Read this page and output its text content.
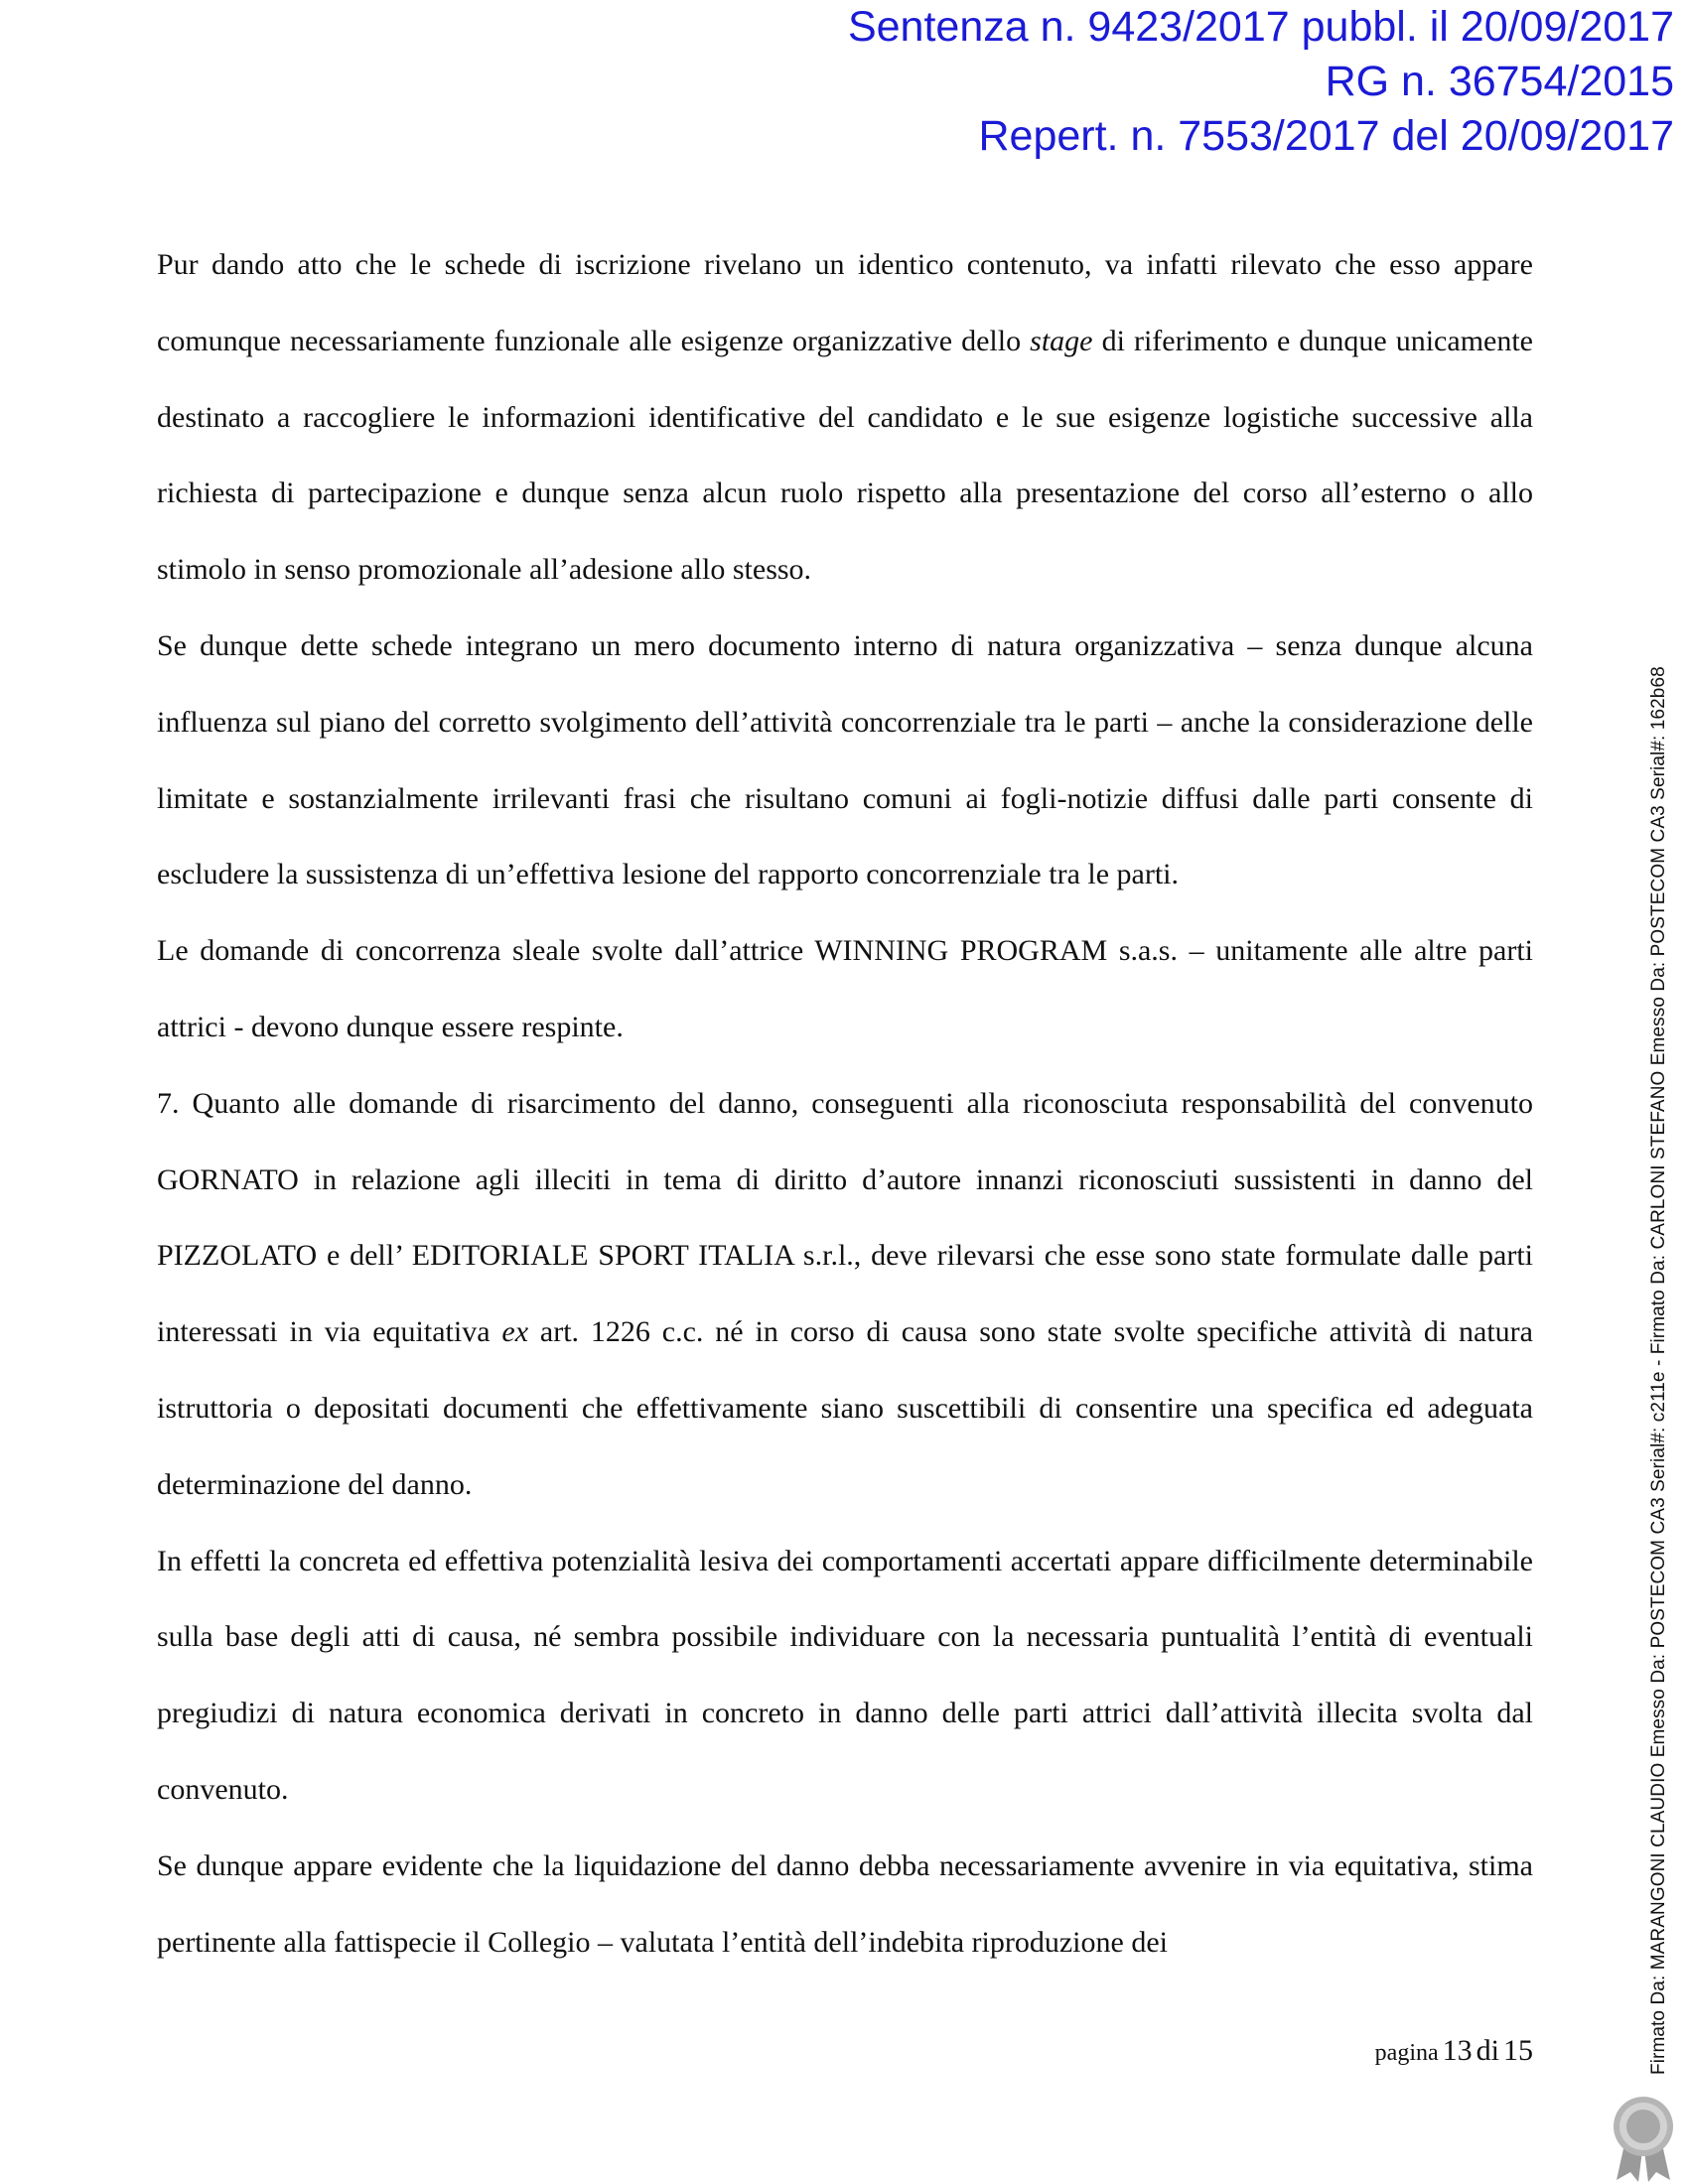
Sentenza n. 9423/2017 pubbl. il 20/09/2017
RG n. 36754/2015
Repert. n. 7553/2017 del 20/09/2017

Pur dando atto che le schede di iscrizione rivelano un identico contenuto, va infatti rilevato che esso appare comunque necessariamente funzionale alle esigenze organizzative dello stage di riferimento e dunque unicamente destinato a raccogliere le informazioni identificative del candidato e le sue esigenze logistiche successive alla richiesta di partecipazione e dunque senza alcun ruolo rispetto alla presentazione del corso all’esterno o allo stimolo in senso promozionale all’adesione allo stesso.

Se dunque dette schede integrano un mero documento interno di natura organizzativa – senza dunque alcuna influenza sul piano del corretto svolgimento dell’attività concorrenziale tra le parti – anche la considerazione delle limitate e sostanzialmente irrilevanti frasi che risultano comuni ai fogli-notizie diffusi dalle parti consente di escludere la sussistenza di un’effettiva lesione del rapporto concorrenziale tra le parti.

Le domande di concorrenza sleale svolte dall’attrice WINNING PROGRAM s.a.s. – unitamente alle altre parti attrici - devono dunque essere respinte.

7. Quanto alle domande di risarcimento del danno, conseguenti alla riconosciuta responsabilità del convenuto GORNATO in relazione agli illeciti in tema di diritto d’autore innanzi riconosciuti sussistenti in danno del PIZZOLATO e dell’ EDITORIALE SPORT ITALIA s.r.l., deve rilevarsi che esse sono state formulate dalle parti interessati in via equitativa ex art. 1226 c.c. né in corso di causa sono state svolte specifiche attività di natura istruttoria o depositati documenti che effettivamente siano suscettibili di consentire una specifica ed adeguata determinazione del danno.

In effetti la concreta ed effettiva potenzialità lesiva dei comportamenti accertati appare difficilmente determinabile sulla base degli atti di causa, né sembra possibile individuare con la necessaria puntualità l’entità di eventuali pregiudizi di natura economica derivati in concreto in danno delle parti attrici dall’attività illecita svolta dal convenuto.

Se dunque appare evidente che la liquidazione del danno debba necessariamente avvenire in via equitativa, stima pertinente alla fattispecie il Collegio – valutata l’entità dell’indebita riproduzione dei

pagina 13 di 15	Firmato Da: MARANGONI CLAUDIO Emesso Da: POSTECOM CA3 Serial#: c211e - Firmato Da: CARLONI STEFANO Emesso Da: POSTECOM CA3 Serial#: 162b68
